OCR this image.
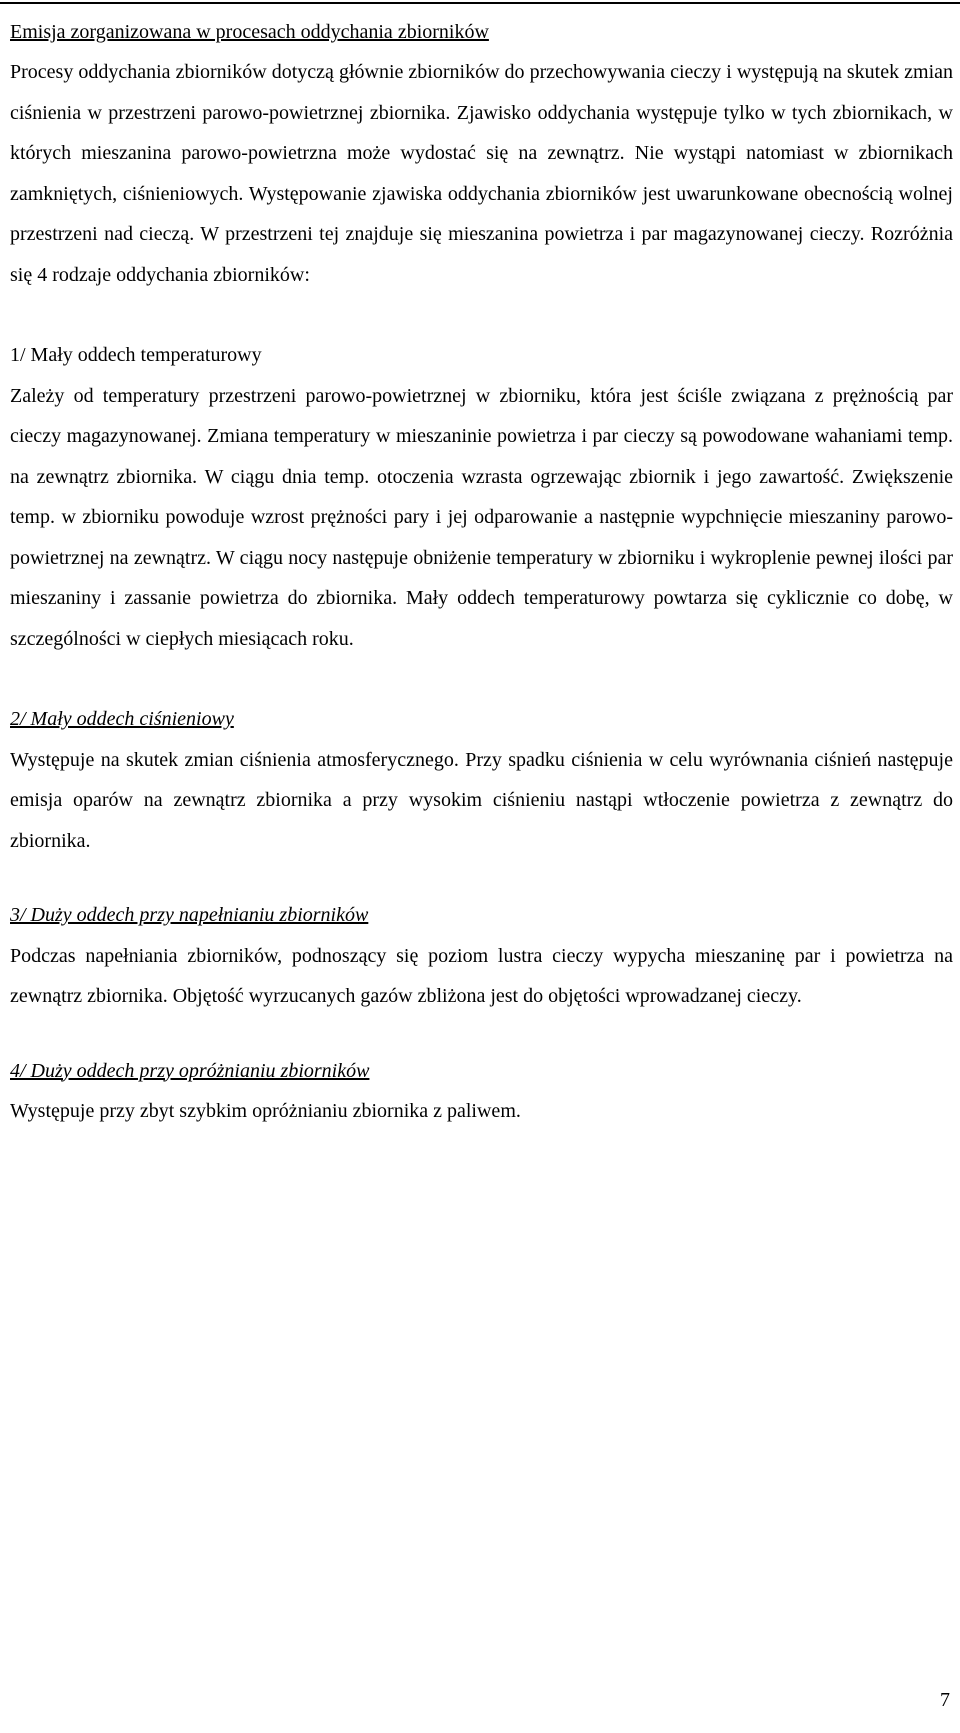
Emisja zorganizowana w procesach oddychania zbiorników

Procesy oddychania zbiorników dotyczą głównie zbiorników do przechowywania cieczy i występują na skutek zmian ciśnienia w przestrzeni parowo-powietrznej zbiornika. Zjawisko oddychania występuje tylko w tych zbiornikach, w których mieszanina parowo-powietrzna może wydostać się na zewnątrz. Nie wystąpi natomiast w zbiornikach zamkniętych, ciśnieniowych. Występowanie zjawiska oddychania zbiorników jest uwarunkowane obecnością wolnej przestrzeni nad cieczą. W przestrzeni tej znajduje się mieszanina powietrza i par magazynowanej cieczy. Rozróżnia się 4 rodzaje oddychania zbiorników:

1/ Mały oddech temperaturowy

Zależy od temperatury przestrzeni parowo-powietrznej w zbiorniku, która jest ściśle związana z prężnością par cieczy magazynowanej. Zmiana temperatury w mieszaninie powietrza i par cieczy są powodowane wahaniami temp. na zewnątrz zbiornika. W ciągu dnia temp. otoczenia wzrasta ogrzewając zbiornik i jego zawartość. Zwiększenie temp. w zbiorniku powoduje wzrost prężności pary i jej odparowanie a następnie wypchnięcie mieszaniny parowo-powietrznej na zewnątrz. W ciągu nocy następuje obniżenie temperatury w zbiorniku i wykroplenie pewnej ilości par mieszaniny i zassanie powietrza do zbiornika. Mały oddech temperaturowy powtarza się cyklicznie co dobę, w szczególności w ciepłych miesiącach roku.

2/ Mały oddech ciśnieniowy

Występuje na skutek zmian ciśnienia atmosferycznego. Przy spadku ciśnienia w celu wyrównania ciśnień następuje emisja oparów na zewnątrz zbiornika a przy wysokim ciśnieniu nastąpi wtłoczenie powietrza z zewnątrz do zbiornika.

3/ Duży oddech przy napełnianiu zbiorników

Podczas napełniania zbiorników, podnoszący się poziom lustra cieczy wypycha mieszaninę par i powietrza na zewnątrz zbiornika. Objętość wyrzucanych gazów zbliżona jest do objętości wprowadzanej cieczy.

4/ Duży oddech przy opróżnianiu zbiorników

Występuje przy zbyt szybkim opróżnianiu zbiornika z paliwem.

7
